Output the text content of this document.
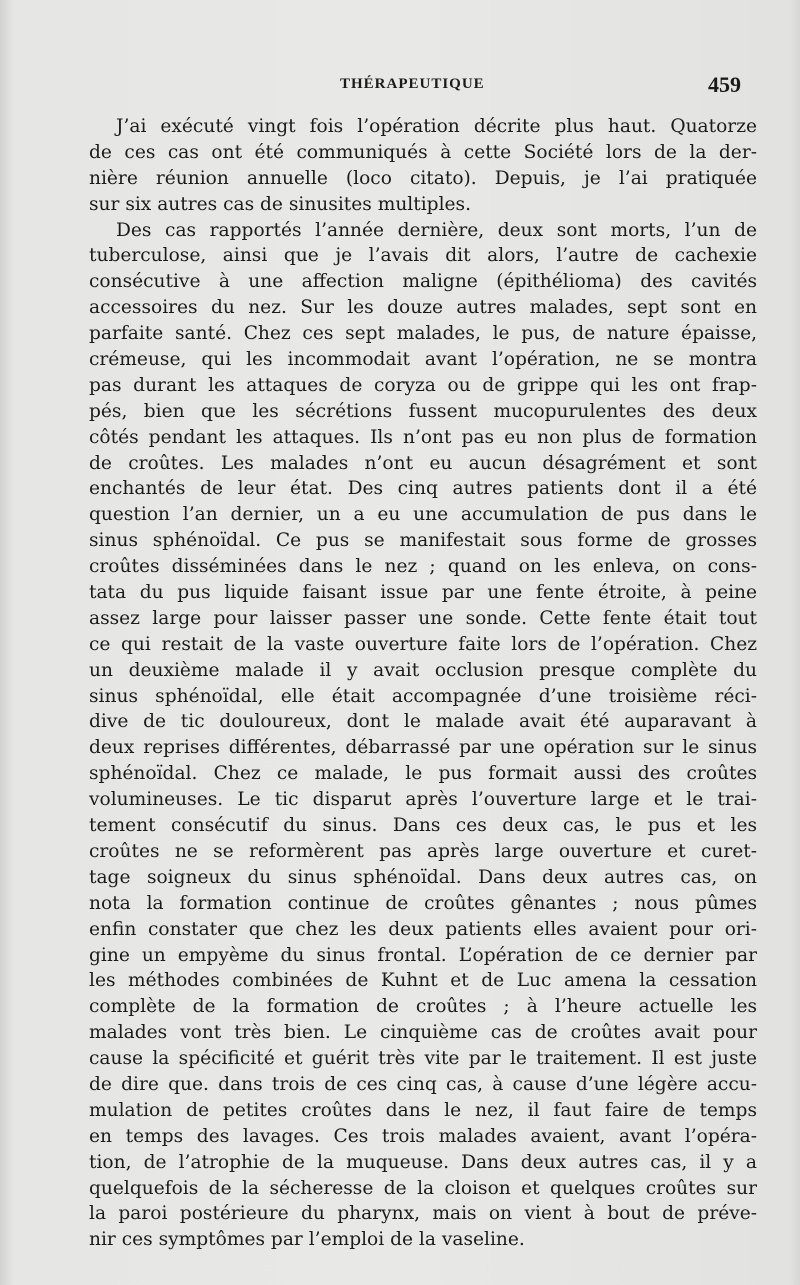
THÉRAPEUTIQUE	459
J’ai exécuté vingt fois l’opération décrite plus haut. Quatorze
de ces cas ont été communiqués à cette Société lors de la der-
nière réunion annuelle (loco citato). Depuis, je l’ai pratiquée
sur six autres cas de sinusites multiples.
Des cas rapportés l’année dernière, deux sont morts, l’un de
tuberculose, ainsi que je l’avais dit alors, l’autre de cachexie
consécutive à une affection maligne (épithélioma) des cavités
accessoires du nez. Sur les douze autres malades, sept sont en
parfaite santé. Chez ces sept malades, le pus, de nature épaisse,
crémeuse, qui les incommodait avant l’opération, ne se montra
pas durant les attaques de coryza ou de grippe qui les ont frap-
pés, bien que les sécrétions fussent mucopurulentes des deux
côtés pendant les attaques. Ils n’ont pas eu non plus de formation
de croûtes. Les malades n’ont eu aucun désagrément et sont
enchantés de leur état. Des cinq autres patients dont il a été
question l’an dernier, un a eu une accumulation de pus dans le
sinus sphénoïdal. Ce pus se manifestait sous forme de grosses
croûtes disséminées dans le nez ; quand on les enleva, on cons-
tata du pus liquide faisant issue par une fente étroite, à peine
assez large pour laisser passer une sonde. Cette fente était tout
ce qui restait de la vaste ouverture faite lors de l’opération. Chez
un deuxième malade il y avait occlusion presque complète du
sinus sphénoïdal, elle était accompagnée d’une troisième réci-
dive de tic douloureux, dont le malade avait été auparavant à
deux reprises différentes, débarrassé par une opération sur le sinus
sphénoïdal. Chez ce malade, le pus formait aussi des croûtes
volumineuses. Le tic disparut après l’ouverture large et le trai-
tement consécutif du sinus. Dans ces deux cas, le pus et les
croûtes ne se reformèrent pas après large ouverture et curet-
tage soigneux du sinus sphénoïdal. Dans deux autres cas, on
nota la formation continue de croûtes gênantes ; nous pûmes
enfin constater que chez les deux patients elles avaient pour ori-
gine un empyème du sinus frontal. L’opération de ce dernier par
les méthodes combinées de Kuhnt et de Luc amena la cessation
complète de la formation de croûtes ; à l’heure actuelle les
malades vont très bien. Le cinquième cas de croûtes avait pour
cause la spécificité et guérit très vite par le traitement. Il est juste
de dire que. dans trois de ces cinq cas, à cause d’une légère accu-
mulation de petites croûtes dans le nez, il faut faire de temps
en temps des lavages. Ces trois malades avaient, avant l’opéra-
tion, de l’atrophie de la muqueuse. Dans deux autres cas, il y a
quelquefois de la sécheresse de la cloison et quelques croûtes sur
la paroi postérieure du pharynx, mais on vient à bout de préve-
nir ces symptômes par l’emploi de la vaseline.
